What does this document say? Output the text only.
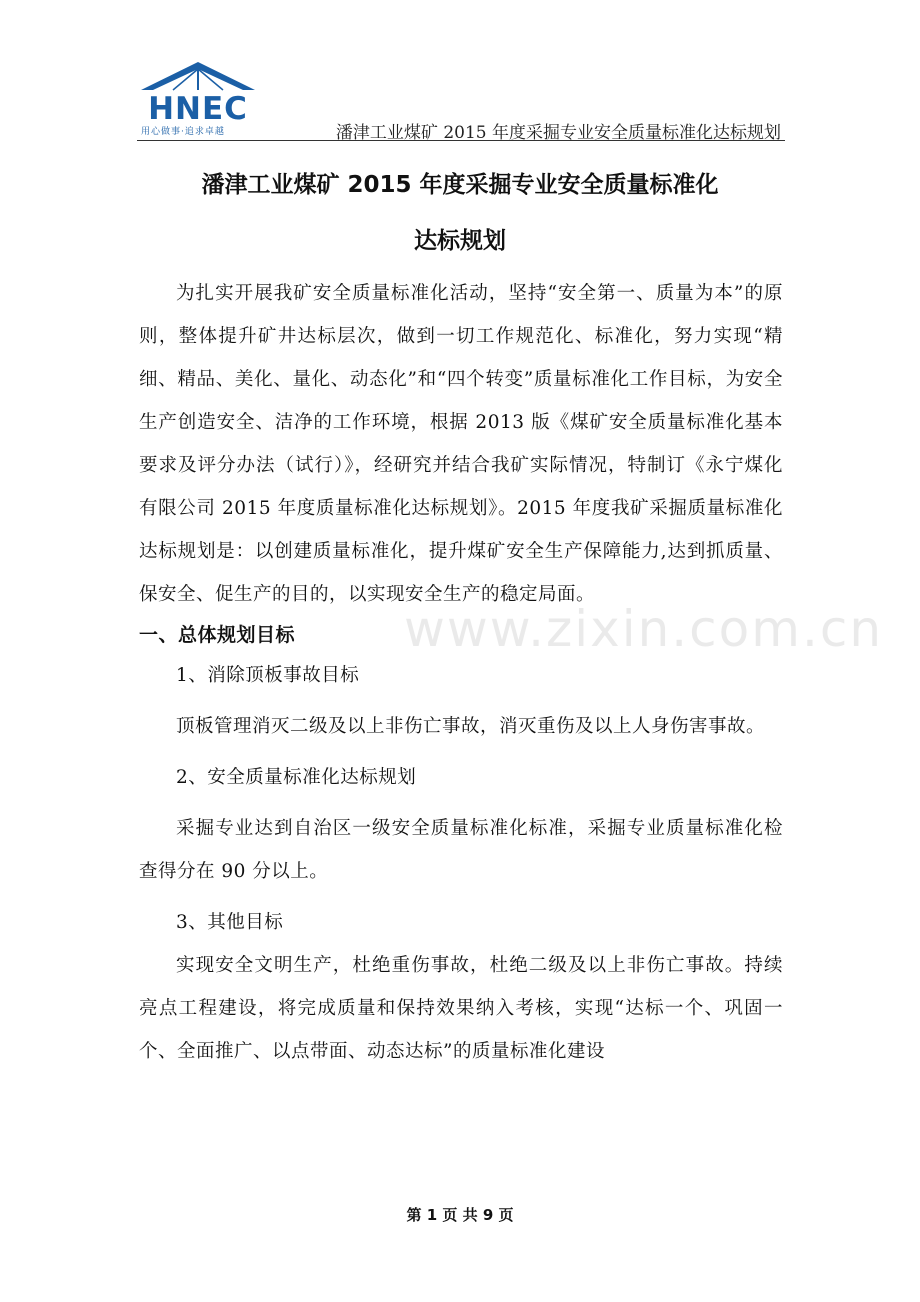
HNEC
用心做事·追求卓越	潘津工业煤矿 2015 年度采掘专业安全质量标准化达标规划
潘津工业煤矿 2015 年度采掘专业安全质量标准化
达标规划

为扎实开展我矿安全质量标准化活动，坚持“安全第一、质量为本”的原则，整体提升矿井达标层次，做到一切工作规范化、标准化，努力实现“精细、精品、美化、量化、动态化”和“四个转变”质量标准化工作目标，为安全生产创造安全、洁净的工作环境，根据 2013 版《煤矿安全质量标准化基本要求及评分办法（试行）》，经研究并结合我矿实际情况，特制订《永宁煤化有限公司 2015 年度质量标准化达标规划》。2015 年度我矿采掘质量标准化达标规划是：以创建质量标准化，提升煤矿安全生产保障能力,达到抓质量、保安全、促生产的目的，以实现安全生产的稳定局面。

一、总体规划目标

1、消除顶板事故目标

顶板管理消灭二级及以上非伤亡事故，消灭重伤及以上人身伤害事故。

2、安全质量标准化达标规划

采掘专业达到自治区一级安全质量标准化标准，采掘专业质量标准化检查得分在 90 分以上。

3、其他目标

实现安全文明生产，杜绝重伤事故，杜绝二级及以上非伤亡事故。持续亮点工程建设，将完成质量和保持效果纳入考核，实现“达标一个、巩固一个、全面推广、以点带面、动态达标”的质量标准化建设

www.zixin.com.cn
第 1 页 共 9 页
